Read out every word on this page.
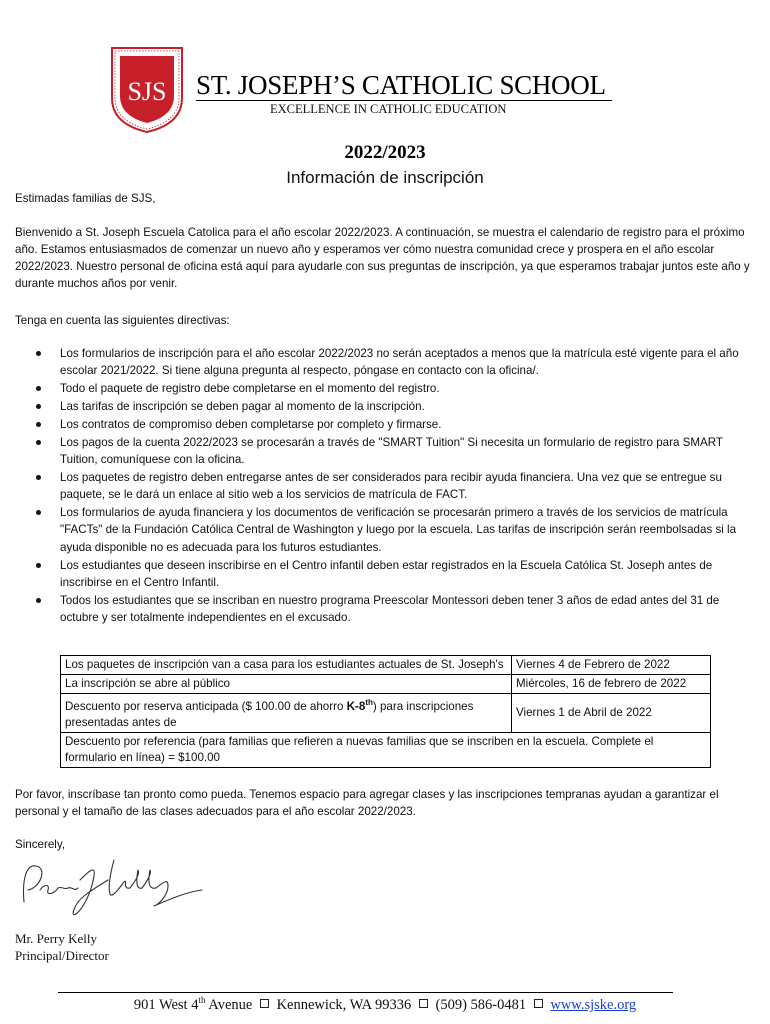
SJS ST. JOSEPH’S CATHOLIC SCHOOL
EXCELLENCE IN CATHOLIC EDUCATION
2022/2023
Información de inscripción
Estimadas familias de SJS,
Bienvenido a St. Joseph Escuela Catolica para el año escolar 2022/2023. A continuación, se muestra el calendario de registro para el próximo año. Estamos entusiasmados de comenzar un nuevo año y esperamos ver cómo nuestra comunidad crece y prospera en el año escolar 2022/2023. Nuestro personal de oficina está aquí para ayudarle con sus preguntas de inscripción, ya que esperamos trabajar juntos este año y durante muchos años por venir.
Tenga en cuenta las siguientes directivas:
Los formularios de inscripción para el año escolar 2022/2023 no serán aceptados a menos que la matrícula esté vigente para el año escolar 2021/2022. Si tiene alguna pregunta al respecto, póngase en contacto con la oficina/.
Todo el paquete de registro debe completarse en el momento del registro.
Las tarifas de inscripción se deben pagar al momento de la inscripción.
Los contratos de compromiso deben completarse por completo y firmarse.
Los pagos de la cuenta 2022/2023 se procesarán a través de "SMART Tuition" Si necesita un formulario de registro para SMART Tuition, comuníquese con la oficina.
Los paquetes de registro deben entregarse antes de ser considerados para recibir ayuda financiera. Una vez que se entregue su paquete, se le dará un enlace al sitio web a los servicios de matrícula de FACT.
Los formularios de ayuda financiera y los documentos de verificación se procesarán primero a través de los servicios de matrícula "FACTs" de la Fundación Católica Central de Washington y luego por la escuela. Las tarifas de inscripción serán reembolsadas si la ayuda disponible no es adecuada para los futuros estudiantes.
Los estudiantes que deseen inscribirse en el Centro infantil deben estar registrados en la Escuela Católica St. Joseph antes de inscribirse en el Centro Infantil.
Todos los estudiantes que se inscriban en nuestro programa Preescolar Montessori deben tener 3 años de edad antes del 31 de octubre y ser totalmente independientes en el excusado.
Los paquetes de inscripción van a casa para los estudiantes actuales de St. Joseph's	Viernes 4 de Febrero de 2022
La inscripción se abre al público	Miércoles, 16 de febrero de 2022
Descuento por reserva anticipada ($ 100.00 de ahorro K-8th) para inscripciones presentadas antes de	Viernes 1 de Abril de 2022
Descuento por referencia (para familias que refieren a nuevas familias que se inscriben en la escuela. Complete el formulario en línea) = $100.00	
Por favor, inscríbase tan pronto como pueda. Tenemos espacio para agregar clases y las inscripciones tempranas ayudan a garantizar el personal y el tamaño de las clases adecuados para el año escolar 2022/2023.
Sincerely,
Mr. Perry Kelly
Principal/Director
901 West 4th Avenue Kennewick, WA 99336 (509) 586-0481 www.sjske.org
